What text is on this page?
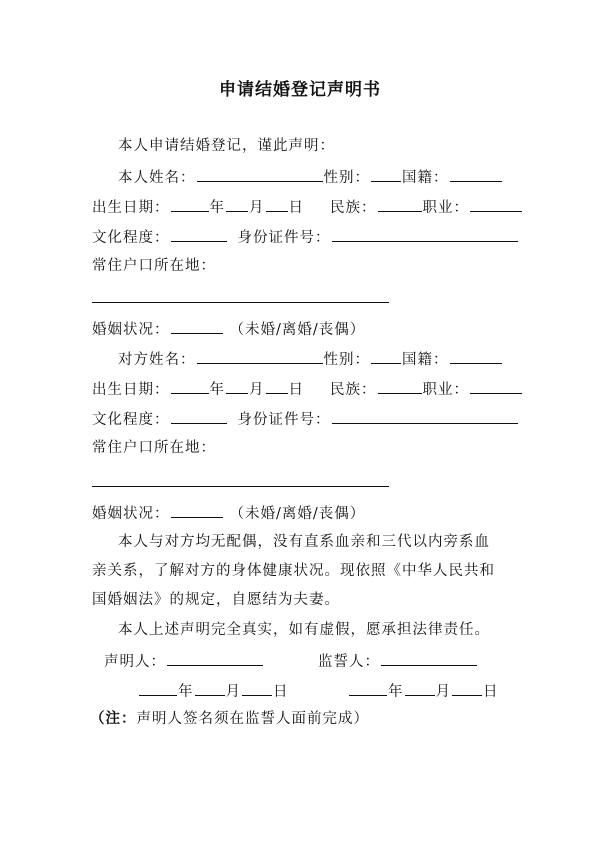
申请结婚登记声明书
本人申请结婚登记，谨此声明：
本人姓名：	性别： 国籍：
出生日期：	年 月 日 民族：	职业：
文化程度：	身份证件号：
常住户口所在地：
婚姻状况：	（未婚/离婚/丧偶）
对方姓名：	性别： 国籍：
出生日期：	年 月 日 民族：	职业：
文化程度：	身份证件号：
常住户口所在地：
婚姻状况：	（未婚/离婚/丧偶）
本人与对方均无配偶，没有直系血亲和三代以内旁系血
亲关系，了解对方的身体健康状况。现依照《中华人民共和
国婚姻法》的规定，自愿结为夫妻。
本人上述声明完全真实，如有虚假，愿承担法律责任。
声明人：	监誓人：
年 月 日	年 月 日
（注：声明人签名须在监誓人面前完成）
